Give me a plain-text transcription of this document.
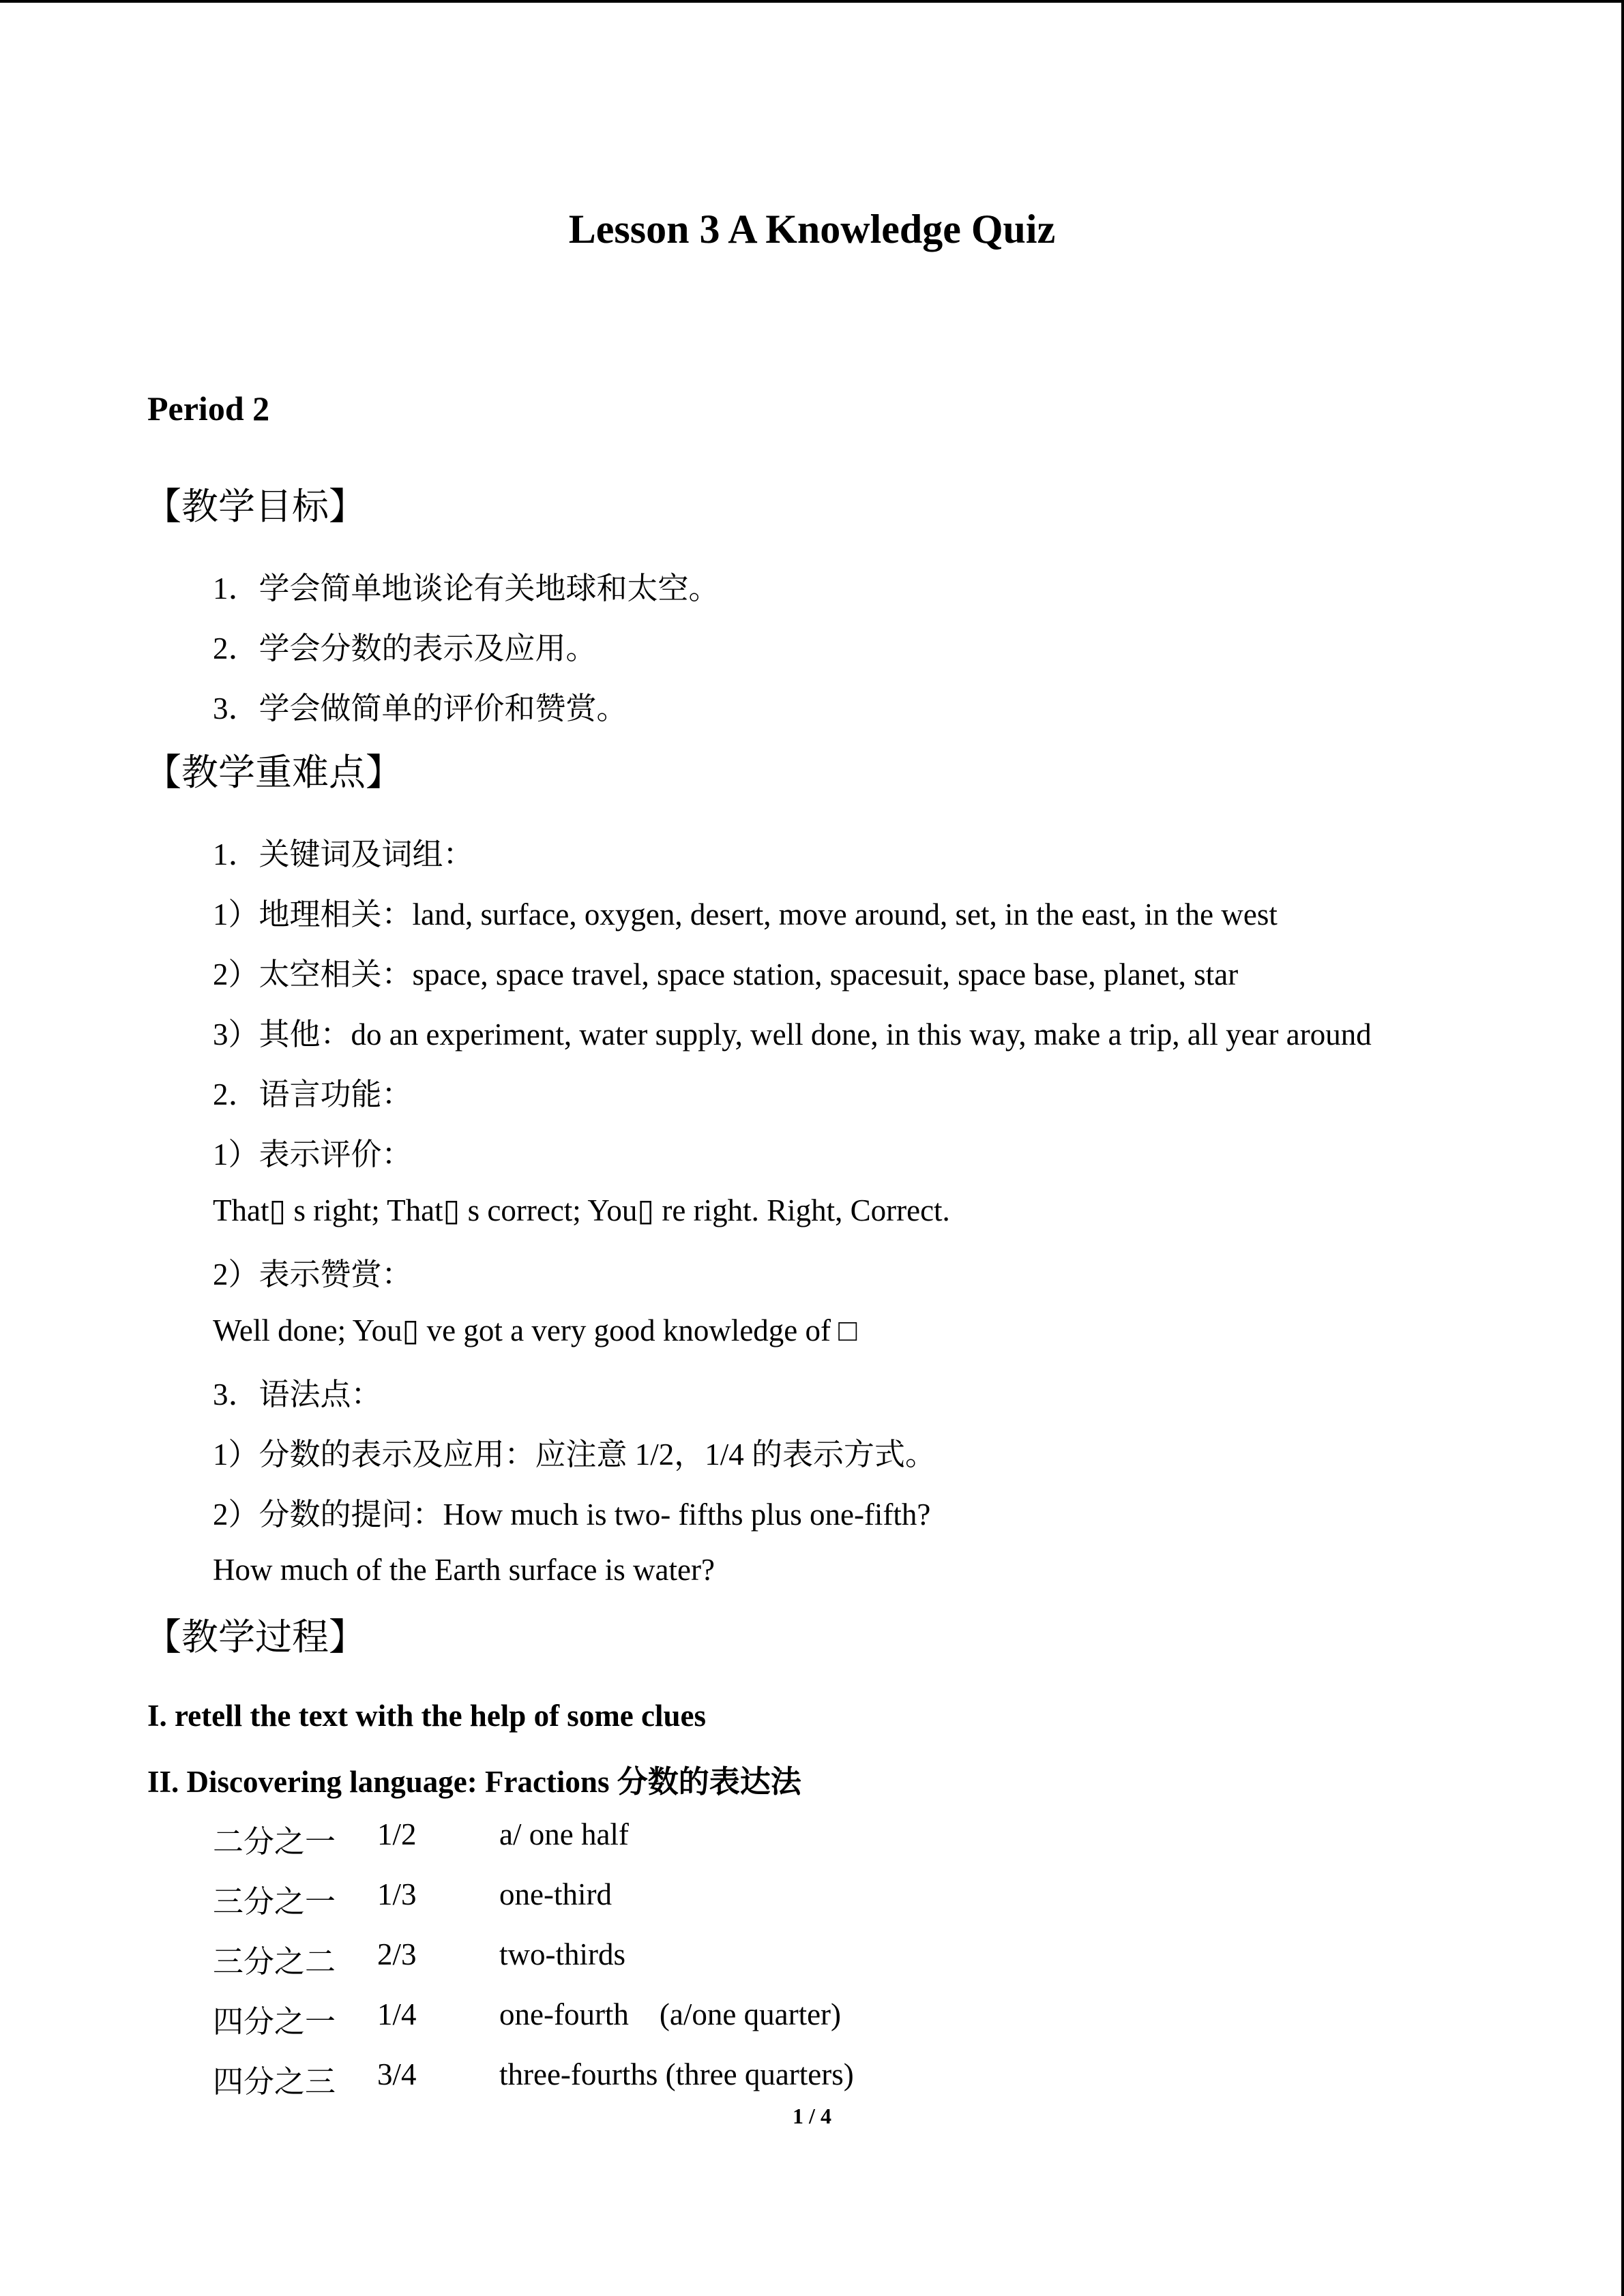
Lesson 3 A Knowledge Quiz
Period 2
【教学目标】
1．学会简单地谈论有关地球和太空。
2．学会分数的表示及应用。
3．学会做简单的评价和赞赏。
【教学重难点】
1．关键词及词组：
1）地理相关：land, surface, oxygen, desert, move around, set, in the east, in the west
2）太空相关：space, space travel, space station, spacesuit, space base, planet, star
3）其他：do an experiment, water supply, well done, in this way, make a trip, all year around
2．语言功能：
1）表示评价：
That▯ s right; That▯ s correct; You▯ re right. Right, Correct.
2）表示赞赏：
Well done; You▯ ve got a very good knowledge of □
3．语法点：
1）分数的表示及应用：应注意 1/2，1/4 的表示方式。
2）分数的提问：How much is two- fifths plus one-fifth?
How much of the Earth surface is water?
【教学过程】
I. retell the text with the help of some clues
II. Discovering language: Fractions 分数的表达法
二分之一 1/2	a/ one half
三分之一 1/3	one-third
三分之二 2/3	two-thirds
四分之一 1/4	one-fourth    (a/one quarter)
四分之三 3/4	three-fourths (three quarters)
1 / 4
